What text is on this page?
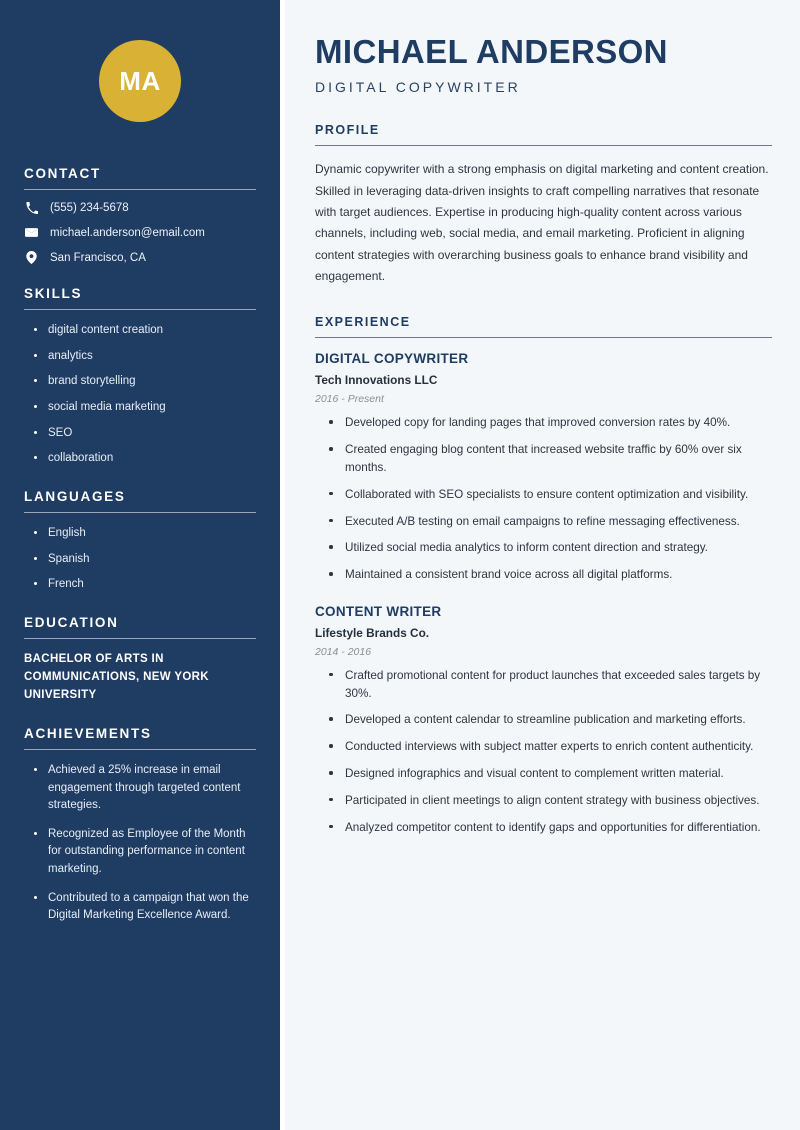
MA
CONTACT
(555) 234-5678
michael.anderson@email.com
San Francisco, CA
SKILLS
digital content creation
analytics
brand storytelling
social media marketing
SEO
collaboration
LANGUAGES
English
Spanish
French
EDUCATION
BACHELOR OF ARTS IN COMMUNICATIONS, NEW YORK UNIVERSITY
ACHIEVEMENTS
Achieved a 25% increase in email engagement through targeted content strategies.
Recognized as Employee of the Month for outstanding performance in content marketing.
Contributed to a campaign that won the Digital Marketing Excellence Award.
MICHAEL ANDERSON
DIGITAL COPYWRITER
PROFILE

Dynamic copywriter with a strong emphasis on digital marketing and content creation. Skilled in leveraging data-driven insights to craft compelling narratives that resonate with target audiences. Expertise in producing high-quality content across various channels, including web, social media, and email marketing. Proficient in aligning content strategies with overarching business goals to enhance brand visibility and engagement.

EXPERIENCE
DIGITAL COPYWRITER
Tech Innovations LLC
2016 - Present
Developed copy for landing pages that improved conversion rates by 40%.
Created engaging blog content that increased website traffic by 60% over six months.
Collaborated with SEO specialists to ensure content optimization and visibility.
Executed A/B testing on email campaigns to refine messaging effectiveness.
Utilized social media analytics to inform content direction and strategy.
Maintained a consistent brand voice across all digital platforms.
CONTENT WRITER
Lifestyle Brands Co.
2014 - 2016
Crafted promotional content for product launches that exceeded sales targets by 30%.
Developed a content calendar to streamline publication and marketing efforts.
Conducted interviews with subject matter experts to enrich content authenticity.
Designed infographics and visual content to complement written material.
Participated in client meetings to align content strategy with business objectives.
Analyzed competitor content to identify gaps and opportunities for differentiation.
